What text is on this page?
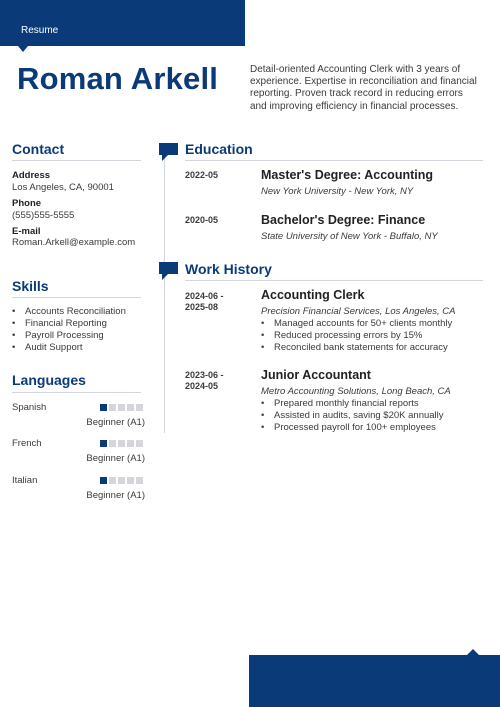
Resume
Roman Arkell	Detail-oriented Accounting Clerk with 3 years of experience. Expertise in reconciliation and financial reporting. Proven track record in reducing errors and improving efficiency in financial processes.
Contact
Address
Los Angeles, CA, 90001
Phone
(555)555-5555
E-mail
Roman.Arkell@example.com
Skills
• Accounts Reconciliation
• Financial Reporting
• Payroll Processing
• Audit Support
Languages
Spanish
Beginner (A1)
French
Beginner (A1)
Italian
Beginner (A1)
Education
2022-05	Master's Degree: Accounting
New York University - New York, NY
2020-05	Bachelor's Degree: Finance
State University of New York - Buffalo, NY
Work History
2024-06 -
2025-08
Accounting Clerk
Precision Financial Services, Los Angeles, CA
• Managed accounts for 50+ clients monthly
• Reduced processing errors by 15%
• Reconciled bank statements for accuracy
2023-06 -
2024-05
Junior Accountant
Metro Accounting Solutions, Long Beach, CA
• Prepared monthly financial reports
• Assisted in audits, saving $20K annually
• Processed payroll for 100+ employees
